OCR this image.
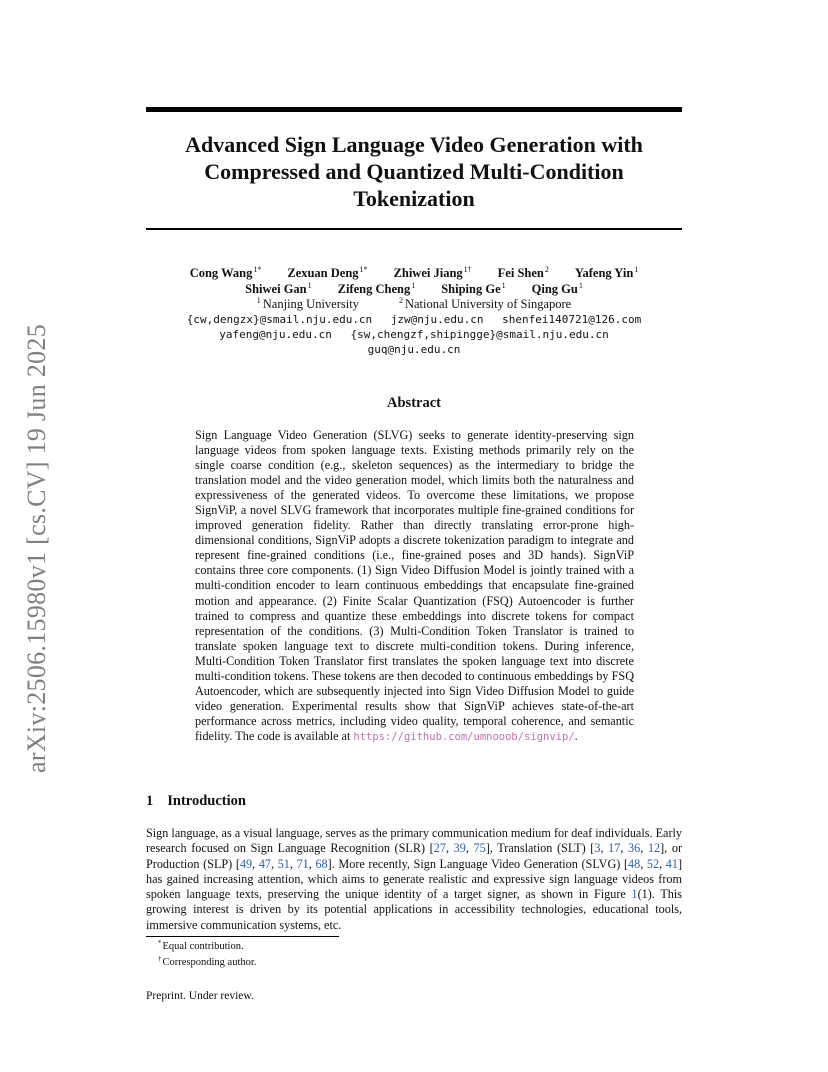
Advanced Sign Language Video Generation with Compressed and Quantized Multi-Condition Tokenization
arXiv:2506.15980v1 [cs.CV] 19 Jun 2025
Cong Wang$^{1*}$ Zexuan Deng$^{1*}$ Zhiwei Jiang$^{1\dagger}$ Fei Shen$^2$ Yafeng Yin$^1$
Shiwei Gan$^1$ Zifeng Cheng$^1$ Shiping Ge$^1$ Qing Gu$^1$
$^1$ Nanjing University	$^2$ National University of Singapore
{cw,dengzx}@smail.nju.edu.cn jzw@nju.edu.cn shenfei140721@126.com
yafeng@nju.edu.cn {sw,chengzf,shipingge}@smail.nju.edu.cn
guq@nju.edu.cn
Abstract

Sign Language Video Generation (SLVG) seeks to generate identity-preserving sign language videos from spoken language texts. Existing methods primarily rely on the single coarse condition (e.g., skeleton sequences) as the intermediary to bridge the translation model and the video generation model, which limits both the naturalness and expressiveness of the generated videos. To overcome these limitations, we propose SignViP, a novel SLVG framework that incorporates multiple fine-grained conditions for improved generation fidelity. Rather than directly translating error-prone high-dimensional conditions, SignViP adopts a discrete tokenization paradigm to integrate and represent fine-grained conditions (i.e., fine-grained poses and 3D hands). SignViP contains three core components. (1) Sign Video Diffusion Model is jointly trained with a multi-condition encoder to learn continuous embeddings that encapsulate fine-grained motion and appearance. (2) Finite Scalar Quantization (FSQ) Autoencoder is further trained to compress and quantize these embeddings into discrete tokens for compact representation of the conditions. (3) Multi-Condition Token Translator is trained to translate spoken language text to discrete multi-condition tokens. During inference, Multi-Condition Token Translator first translates the spoken language text into discrete multi-condition tokens. These tokens are then decoded to continuous embeddings by FSQ Autoencoder, which are subsequently injected into Sign Video Diffusion Model to guide video generation. Experimental results show that SignViP achieves state-of-the-art performance across metrics, including video quality, temporal coherence, and semantic fidelity. The code is available at https://github.com/umnooob/signvip/.

1 Introduction

Sign language, as a visual language, serves as the primary communication medium for deaf individuals. Early research focused on Sign Language Recognition (SLR) [27, 39, 75], Translation (SLT) [3, 17, 36, 12], or Production (SLP) [49, 47, 51, 71, 68]. More recently, Sign Language Video Generation (SLVG) [48, 52, 41] has gained increasing attention, which aims to generate realistic and expressive sign language videos from spoken language texts, preserving the unique identity of a target signer, as shown in Figure 1(1). This growing interest is driven by its potential applications in accessibility technologies, educational tools, immersive communication systems, etc.

*Equal contribution.
†Corresponding author.
Preprint. Under review.
